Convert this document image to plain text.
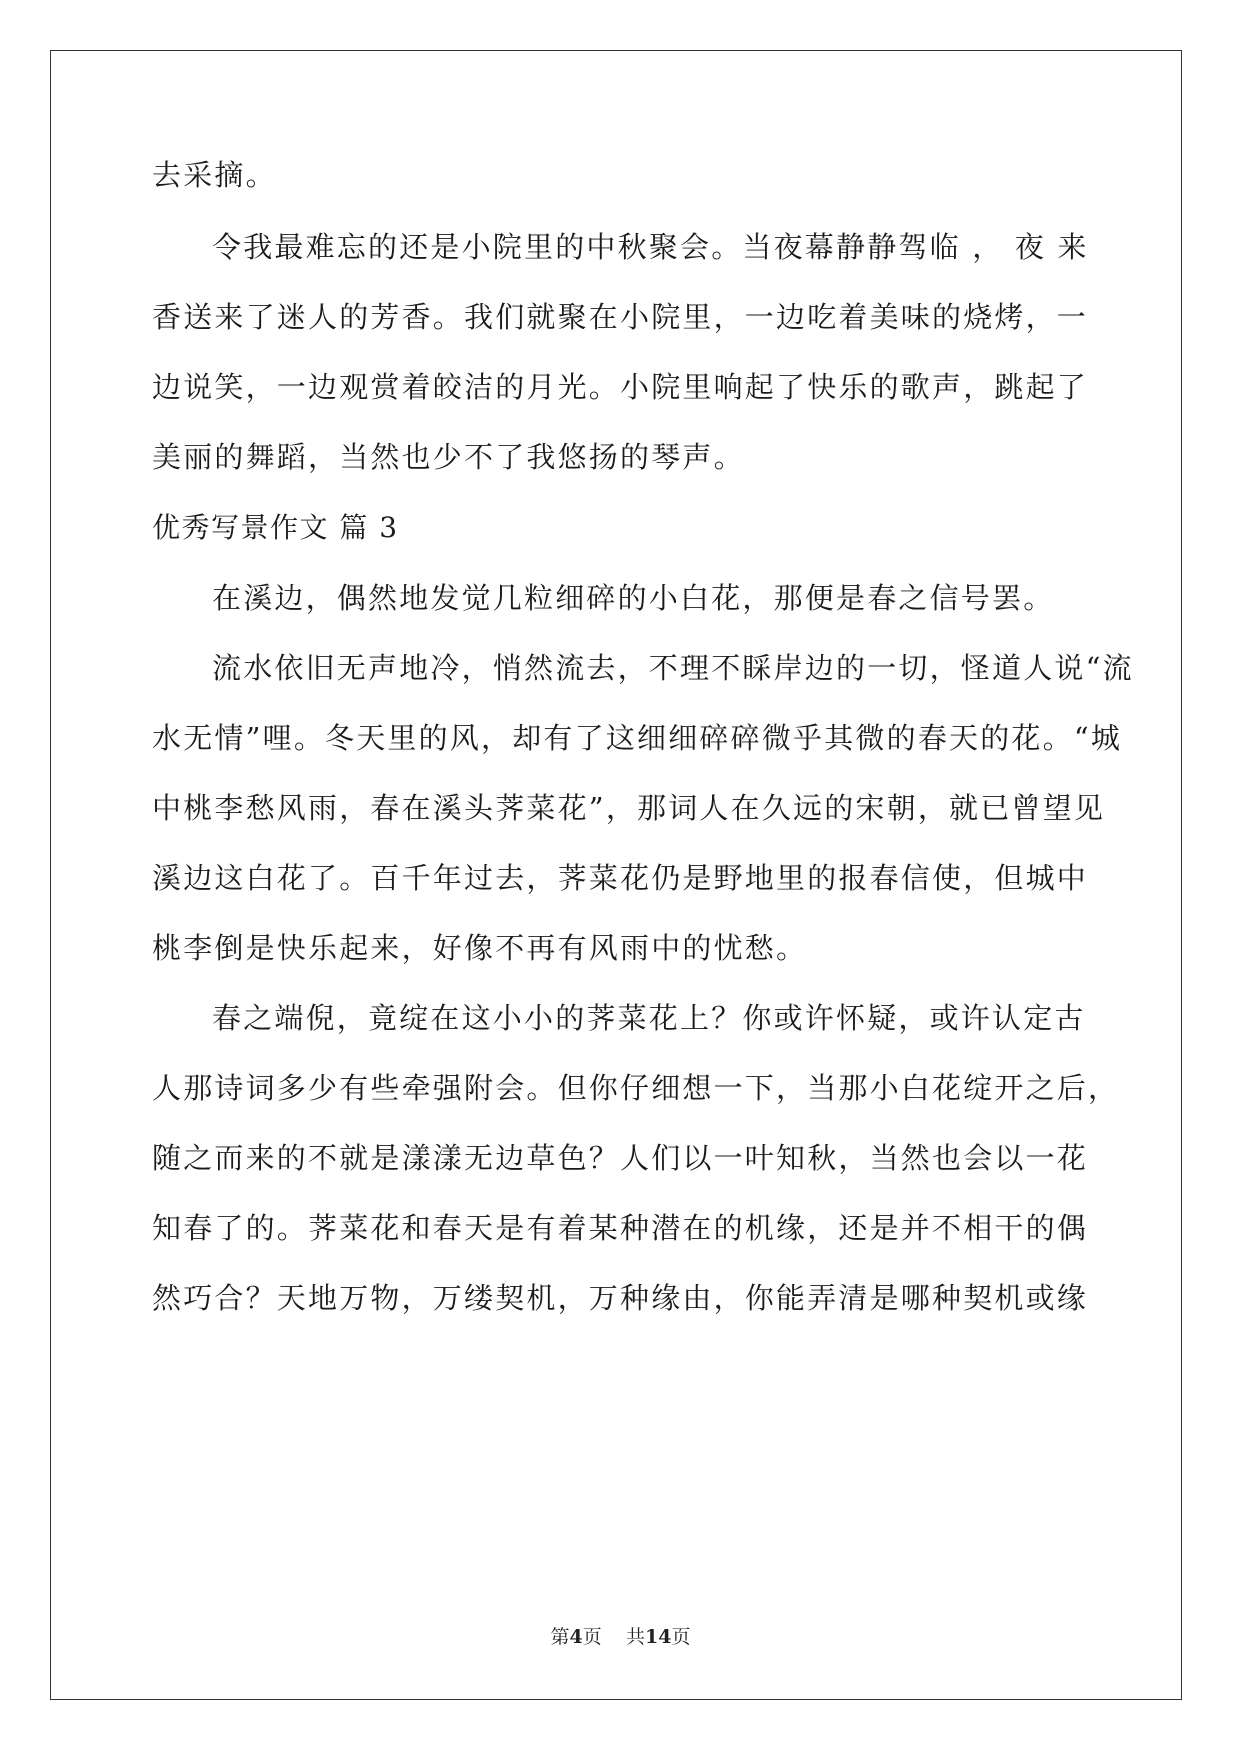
去采摘。
令我最难忘的还是小院里的中秋聚会。当夜幕静静驾临 ， 夜 来
香送来了迷人的芳香。我们就聚在小院里，一边吃着美味的烧烤，一
边说笑，一边观赏着皎洁的月光。小院里响起了快乐的歌声，跳起了
美丽的舞蹈，当然也少不了我悠扬的琴声。
优秀写景作文 篇 3
在溪边，偶然地发觉几粒细碎的小白花，那便是春之信号罢。
流水依旧无声地冷，悄然流去，不理不睬岸边的一切，怪道人说“流
水无情”哩。冬天里的风，却有了这细细碎碎微乎其微的春天的花。“城
中桃李愁风雨，春在溪头荠菜花”，那词人在久远的宋朝，就已曾望见
溪边这白花了。百千年过去，荠菜花仍是野地里的报春信使，但城中
桃李倒是快乐起来，好像不再有风雨中的忧愁。
春之端倪，竟绽在这小小的荠菜花上？你或许怀疑，或许认定古
人那诗词多少有些牵强附会。但你仔细想一下，当那小白花绽开之后，
随之而来的不就是漾漾无边草色？人们以一叶知秋，当然也会以一花
知春了的。荠菜花和春天是有着某种潜在的机缘，还是并不相干的偶
然巧合？天地万物，万缕契机，万种缘由，你能弄清是哪种契机或缘
第4页 共14页
